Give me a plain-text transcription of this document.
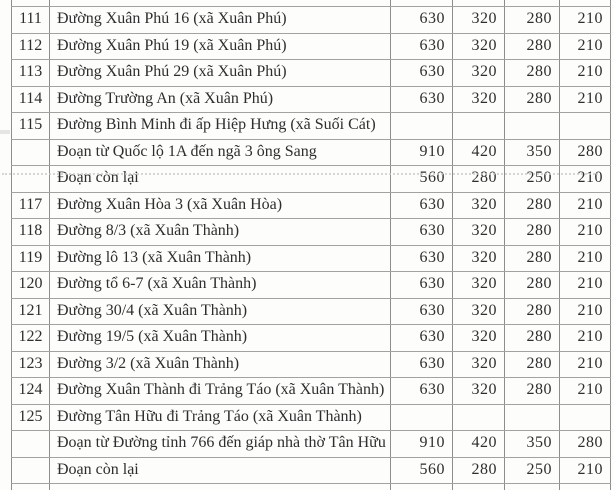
111	Đường Xuân Phú 16 (xã Xuân Phú)	630	320	280	210
112	Đường Xuân Phú 19 (xã Xuân Phú)	630	320	280	210
113	Đường Xuân Phú 29 (xã Xuân Phú)	630	320	280	210
114	Đường Trường An (xã Xuân Phú)	630	320	280	210
115	Đường Bình Minh đi ấp Hiệp Hưng (xã Suối Cát)				
	Đoạn từ Quốc lộ 1A đến ngã 3 ông Sang	910	420	350	280
	Đoạn còn lại	560	280	250	210
117	Đường Xuân Hòa 3 (xã Xuân Hòa)	630	320	280	210
118	Đường 8/3 (xã Xuân Thành)	630	320	280	210
119	Đường lô 13 (xã Xuân Thành)	630	320	280	210
120	Đường tổ 6-7 (xã Xuân Thành)	630	320	280	210
121	Đường 30/4 (xã Xuân Thành)	630	320	280	210
122	Đường 19/5 (xã Xuân Thành)	630	320	280	210
123	Đường 3/2 (xã Xuân Thành)	630	320	280	210
124	Đường Xuân Thành đi Trảng Táo (xã Xuân Thành)	630	320	280	210
125	Đường Tân Hữu đi Trảng Táo (xã Xuân Thành)				
	Đoạn từ Đường tỉnh 766 đến giáp nhà thờ Tân Hữu	910	420	350	280
	Đoạn còn lại	560	280	250	210
